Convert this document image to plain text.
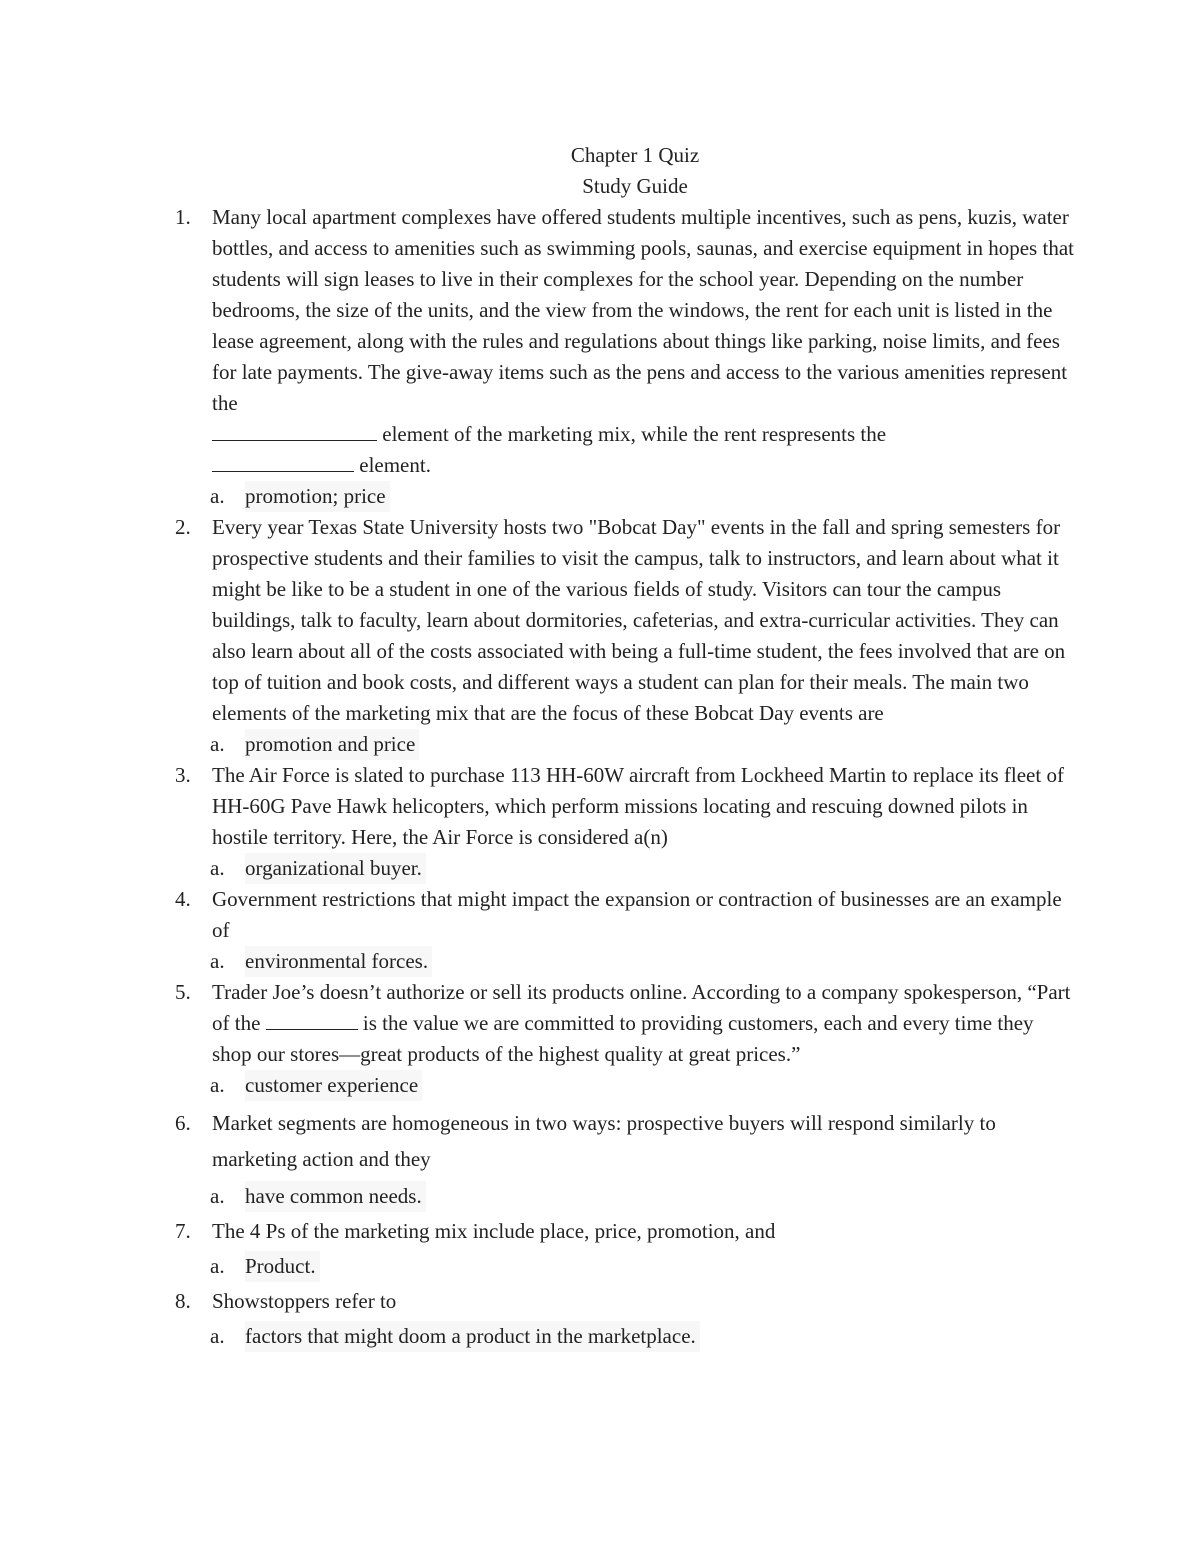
Chapter 1 Quiz
Study Guide
1. Many local apartment complexes have offered students multiple incentives, such as pens, kuzis, water bottles, and access to amenities such as swimming pools, saunas, and exercise equipment in hopes that students will sign leases to live in their complexes for the school year. Depending on the number bedrooms, the size of the units, and the view from the windows, the rent for each unit is listed in the lease agreement, along with the rules and regulations about things like parking, noise limits, and fees for late payments. The give-away items such as the pens and access to the various amenities represent the
element of the marketing mix, while the rent respresents the
element.
a. promotion; price
2. Every year Texas State University hosts two "Bobcat Day" events in the fall and spring semesters for prospective students and their families to visit the campus, talk to instructors, and learn about what it might be like to be a student in one of the various fields of study. Visitors can tour the campus buildings, talk to faculty, learn about dormitories, cafeterias, and extra-curricular activities. They can also learn about all of the costs associated with being a full-time student, the fees involved that are on top of tuition and book costs, and different ways a student can plan for their meals. The main two elements of the marketing mix that are the focus of these Bobcat Day events are
a. promotion and price
3. The Air Force is slated to purchase 113 HH-60W aircraft from Lockheed Martin to replace its fleet of HH-60G Pave Hawk helicopters, which perform missions locating and rescuing downed pilots in hostile territory. Here, the Air Force is considered a(n)
a. organizational buyer.
4. Government restrictions that might impact the expansion or contraction of businesses are an example of
a. environmental forces.
5. Trader Joe’s doesn’t authorize or sell its products online. According to a company spokesperson, “Part of the	is the value we are committed to providing customers, each and every time they shop our stores—great products of the highest quality at great prices.”
a. customer experience
6. Market segments are homogeneous in two ways: prospective buyers will respond similarly to marketing action and they
a. have common needs.
7. The 4 Ps of the marketing mix include place, price, promotion, and
a. Product.
8. Showstoppers refer to
a. factors that might doom a product in the marketplace.
